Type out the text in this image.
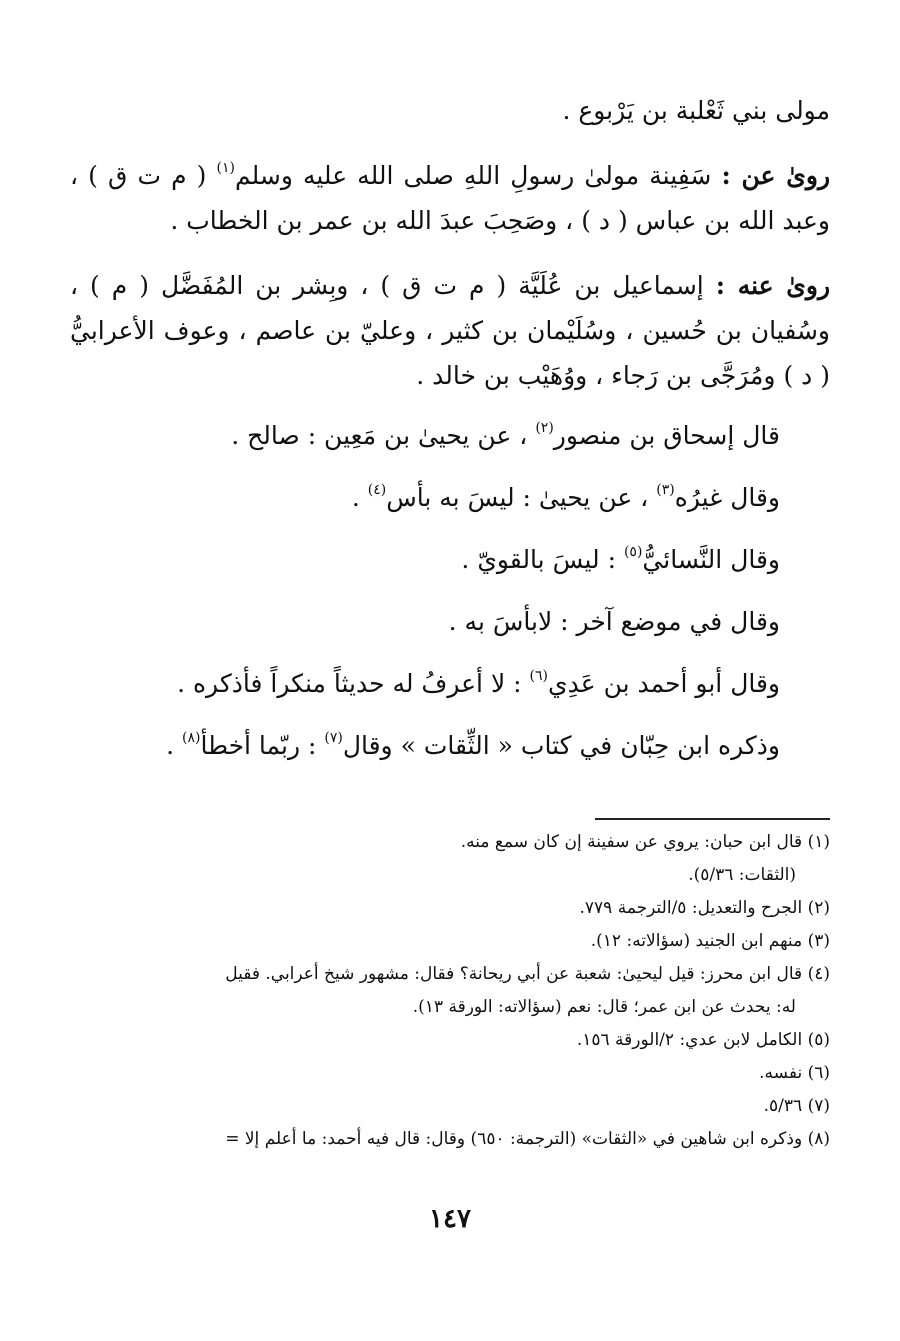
مولى بني ثَعْلبة بن يَرْبوع .

روىٰ عن : سَفِينة مولىٰ رسولِ اللهِ صلى الله عليه وسلم$^{(١)}$ ( م ت ق ) ، وعبد الله بن عباس ( د ) ، وصَحِبَ عبدَ الله بن عمر بن الخطاب .

روىٰ عنه : إسماعيل بن عُلَيَّة ( م ت ق ) ، وبِشر بن المُفَضَّل ( م ) ، وسُفيان بن حُسين ، وسُلَيْمان بن كثير ، وعليّ بن عاصم ، وعوف الأعرابيُّ ( د ) ومُرَجَّى بن رَجاء ، ووُهَيْب بن خالد .

قال إسحاق بن منصور$^{(٢)}$ ، عن يحيىٰ بن مَعِين : صالح .

وقال غيرُه$^{(٣)}$ ، عن يحيىٰ : ليسَ به بأس$^{(٤)}$ .

وقال النَّسائيُّ$^{(٥)}$ : ليسَ بالقويّ .

وقال في موضع آخر : لابأسَ به .

وقال أبو أحمد بن عَدِي$^{(٦)}$ : لا أعرفُ له حديثاً منكراً فأذكره .

وذكره ابن حِبّان في كتاب « الثِّقات » وقال$^{(٧)}$ : ربّما أخطأ$^{(٨)}$ .

(١) قال ابن حبان: يروي عن سفينة إن كان سمع منه.
(الثقات: ٥/٣٦).

(٢) الجرح والتعديل: ٥/الترجمة ٧٧٩.

(٣) منهم ابن الجنيد (سؤالاته: ١٢).

(٤) قال ابن محرز: قيل ليحيىٰ: شعبة عن أبي ريحانة؟ فقال: مشهور شيخ أعرابي. فقيل
له: يحدث عن ابن عمر؛ قال: نعم (سؤالاته: الورقة ١٣).

(٥) الكامل لابن عدي: ٢/الورقة ١٥٦.

(٦) نفسه.

(٧) ٥/٣٦.

(٨) وذكره ابن شاهين في «الثقات» (الترجمة: ٦٥٠) وقال: قال فيه أحمد: ما أعلم إلا =

١٤٧
